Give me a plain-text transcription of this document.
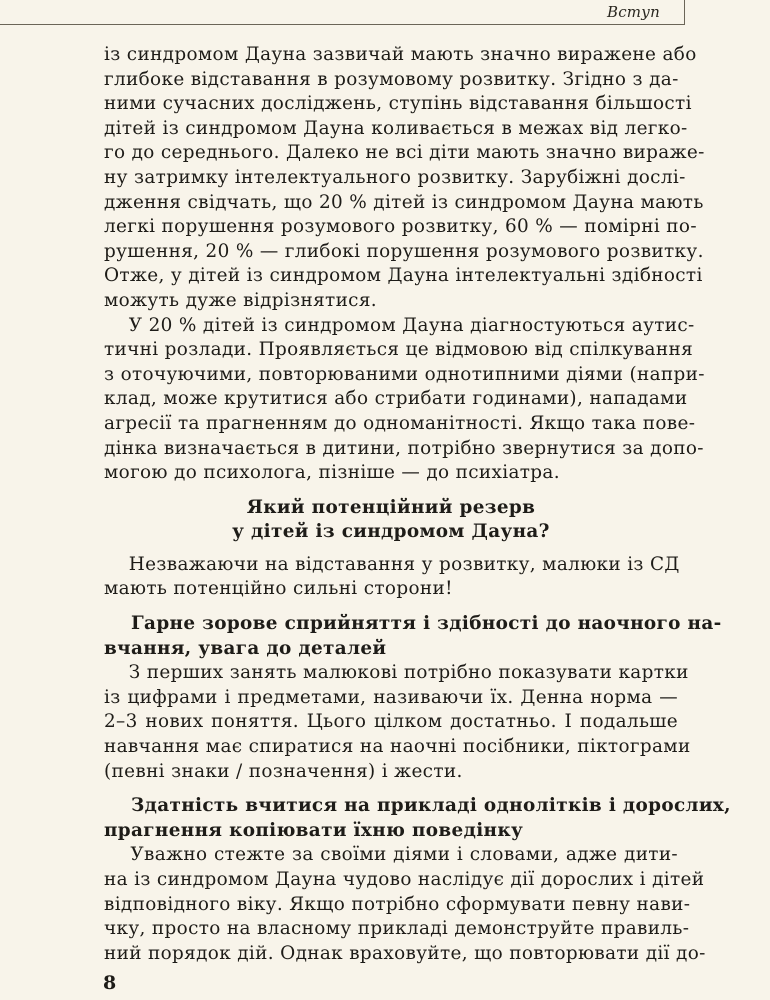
Вступ
із синдромом Дауна зазвичай мають значно виражене або
глибоке відставання в розумовому розвитку. Згідно з да-
ними сучасних досліджень, ступінь відставання більшості
дітей із синдромом Дауна коливається в межах від легко-
го до середнього. Далеко не всі діти мають значно виражe-
ну затримку інтелектуального розвитку. Зарубіжні дослі-
дження свідчать, що 20 % дітей із синдромом Дауна мають
легкі порушення розумового розвитку, 60 % — помірні по-
рушення, 20 % — глибокі порушення розумового розвитку.
Отже, у дітей із синдромом Дауна інтелектуальні здібності
можуть дуже відрізнятися.
У 20 % дітей із синдромом Дауна діагностуються аутис-
тичні розлади. Проявляється це відмовою від спілкування
з оточуючими, повторюваними однотипними діями (напри-
клад, може крутитися або стрибати годинами), нападами
агресії та прагненням до одноманітності. Якщо така пове-
дінка визначається в дитини, потрібно звернутися за допо-
могою до психолога, пізніше — до психіатра.
Який потенційний резерв
у дітей із синдромом Дауна?
Незважаючи на відставання у розвитку, малюки із СД
мають потенційно сильні сторони!
Гарне зорове сприйняття і здібності до наочного на-
вчання, увага до деталей
З перших занять малюкові потрібно показувати картки
із цифрами і предметами, називаючи їх. Денна норма —
2–3 нових поняття. Цього цілком достатньо. І подальше
навчання має спиратися на наочні посібники, піктограми
(певні знаки / позначення) і жести.
Здатність вчитися на прикладі однолітків і дорослих,
прагнення копіювати їхню поведінку
Уважно стежте за своїми діями і словами, адже дити-
на із синдромом Дауна чудово наслідує дії дорослих і дітей
відповідного віку. Якщо потрібно сформувати певну нави-
чку, просто на власному прикладі демонструйте правиль-
ний порядок дій. Однак враховуйте, що повторювати дії до-
8
